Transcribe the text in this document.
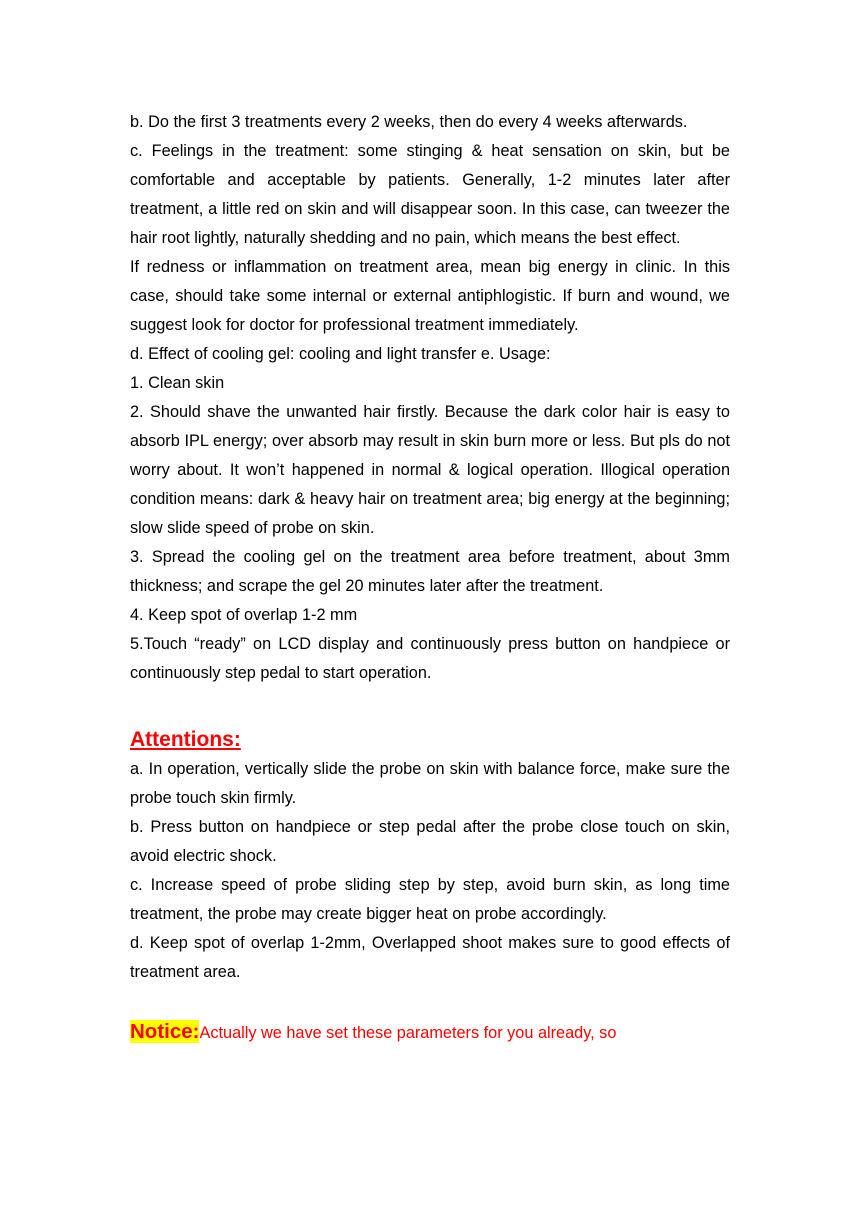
b. Do the first 3 treatments every 2 weeks, then do every 4 weeks afterwards.

c. Feelings in the treatment: some stinging & heat sensation on skin, but be comfortable and acceptable by patients. Generally, 1‐2 minutes later after treatment, a little red on skin and will disappear soon. In this case, can tweezer the hair root lightly, naturally shedding and no pain, which means the best effect.

If redness or inflammation on treatment area, mean big energy in clinic. In this case, should take some internal or external antiphlogistic. If burn and wound, we suggest look for doctor for professional treatment immediately.

d. Effect of cooling gel: cooling and light transfer e. Usage:

1. Clean skin

2. Should shave the unwanted hair firstly. Because the dark color hair is easy to absorb IPL energy; over absorb may result in skin burn more or less. But pls do not worry about. It won’t happened in normal & logical operation. Illogical operation condition means: dark & heavy hair on treatment area; big energy at the beginning; slow slide speed of probe on skin.

3. Spread the cooling gel on the treatment area before treatment, about 3mm thickness; and scrape the gel 20 minutes later after the treatment.

4. Keep spot of overlap 1‐2 mm

5.Touch “ready” on LCD display and continuously press button on handpiece or continuously step pedal to start operation.

Attentions:

a. In operation, vertically slide the probe on skin with balance force, make sure the probe touch skin firmly.

b. Press button on handpiece or step pedal after the probe close touch on skin, avoid electric shock.

c. Increase speed of probe sliding step by step, avoid burn skin, as long time treatment, the probe may create bigger heat on probe accordingly.

d. Keep spot of overlap 1‐2mm, Overlapped shoot makes sure to good effects of treatment area.

Notice:Actually we have set these parameters for you already, so
